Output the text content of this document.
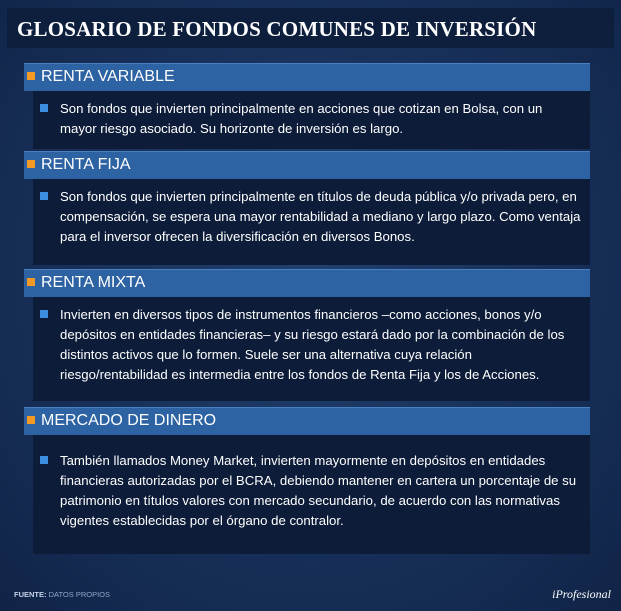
GLOSARIO DE FONDOS COMUNES DE INVERSIÓN
RENTA VARIABLE
Son fondos que invierten principalmente en acciones que cotizan en Bolsa, con un mayor riesgo asociado. Su horizonte de inversión es largo.
RENTA FIJA
Son fondos que invierten principalmente en títulos de deuda pública y/o privada pero, en compensación, se espera una mayor rentabilidad a mediano y largo plazo. Como ventaja para el inversor ofrecen la diversificación en diversos Bonos.
RENTA MIXTA
Invierten en diversos tipos de instrumentos financieros –como acciones, bonos y/o depósitos en entidades financieras– y su riesgo estará dado por la combinación de los distintos activos que lo formen. Suele ser una alternativa cuya relación riesgo/rentabilidad es intermedia entre los fondos de Renta Fija y los de Acciones.
MERCADO DE DINERO
También llamados Money Market, invierten mayormente en depósitos en entidades financieras autorizadas por el BCRA, debiendo mantener en cartera un porcentaje de su patrimonio en títulos valores con mercado secundario, de acuerdo con las normativas vigentes establecidas por el órgano de contralor.
FUENTE: DATOS PROPIOS	iProfesional
